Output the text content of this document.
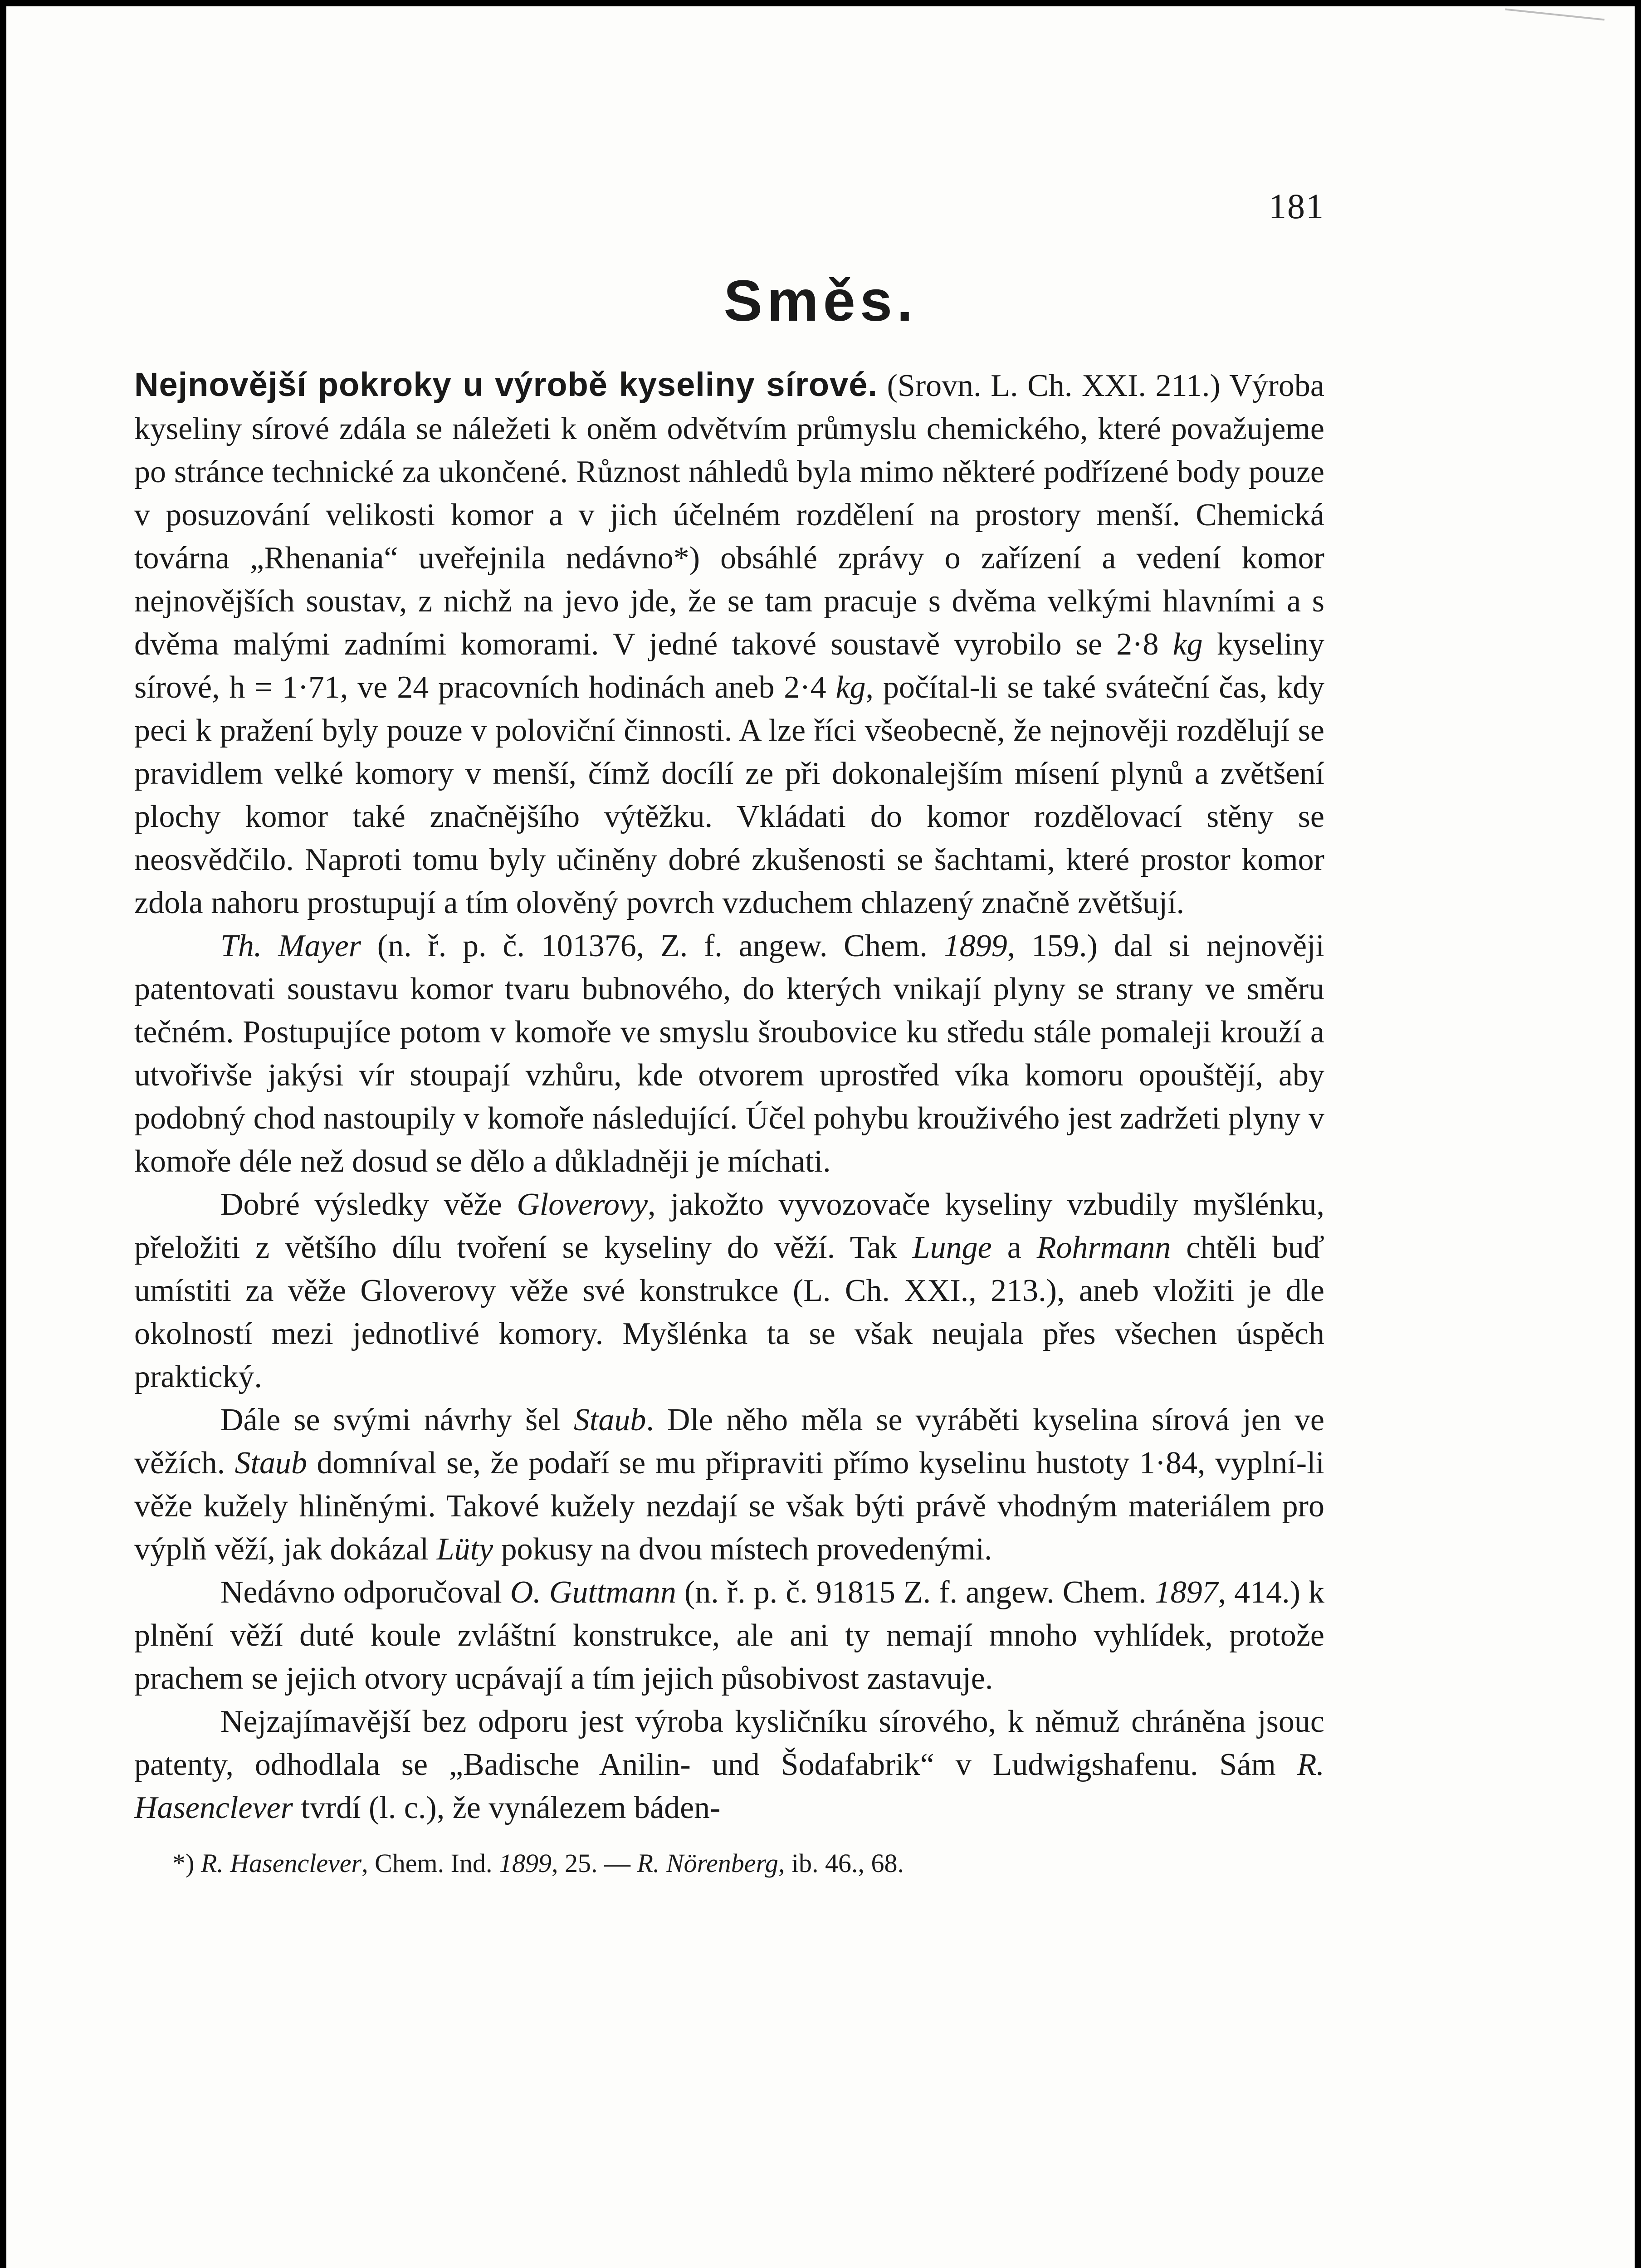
181
Směs.

Nejnovější pokroky u výrobě kyseliny sírové. (Srovn. L. Ch. XXI. 211.) Výroba kyseliny sírové zdála se náležeti k oněm odvětvím průmyslu chemického, které považujeme po stránce technické za ukončené. Různost náhledů byla mimo některé podřízené body pouze v posuzování velikosti komor a v jich účelném rozdělení na prostory menší. Chemická továrna „Rhenania“ uveřejnila nedávno*) obsáhlé zprávy o zařízení a vedení komor nejnovějších soustav, z nichž na jevo jde, že se tam pracuje s dvěma velkými hlavními a s dvěma malými zadními komorami. V jedné takové soustavě vyrobilo se 2·8 kg kyseliny sírové, h = 1·71, ve 24 pracovních hodinách aneb 2·4 kg, počítal-li se také sváteční čas, kdy peci k pražení byly pouze v poloviční činnosti. A lze říci všeobecně, že nejnověji rozdělují se pravidlem velké komory v menší, čímž docílí ze při dokonalejším mísení plynů a zvětšení plochy komor také značnějšího výtěžku. Vkládati do komor rozdělovací stěny se neosvědčilo. Naproti tomu byly učiněny dobré zkušenosti se šachtami, které prostor komor zdola nahoru prostupují a tím olověný povrch vzduchem chlazený značně zvětšují.

Th. Mayer (n. ř. p. č. 101376, Z. f. angew. Chem. 1899, 159.) dal si nejnověji patentovati soustavu komor tvaru bubnového, do kterých vnikají plyny se strany ve směru tečném. Postupujíce potom v komoře ve smyslu šroubovice ku středu stále pomaleji krouží a utvořivše jakýsi vír stoupají vzhůru, kde otvorem uprostřed víka komoru opouštějí, aby podobný chod nastoupily v komoře následující. Účel pohybu krouživého jest zadržeti plyny v komoře déle než dosud se dělo a důkladněji je míchati.

Dobré výsledky věže Gloverovy, jakožto vyvozovače kyseliny vzbudily myšlénku, přeložiti z většího dílu tvoření se kyseliny do věží. Tak Lunge a Rohrmann chtěli buď umístiti za věže Gloverovy věže své konstrukce (L. Ch. XXI., 213.), aneb vložiti je dle okolností mezi jednotlivé komory. Myšlénka ta se však neujala přes všechen úspěch praktický.

Dále se svými návrhy šel Staub. Dle něho měla se vyráběti kyselina sírová jen ve věžích. Staub domníval se, že podaří se mu připraviti přímo kyselinu hustoty 1·84, vyplní-li věže kužely hliněnými. Takové kužely nezdají se však býti právě vhodným materiálem pro výplň věží, jak dokázal Lüty pokusy na dvou místech provedenými.

Nedávno odporučoval O. Guttmann (n. ř. p. č. 91815 Z. f. angew. Chem. 1897, 414.) k plnění věží duté koule zvláštní konstrukce, ale ani ty nemají mnoho vyhlídek, protože prachem se jejich otvory ucpávají a tím jejich působivost zastavuje.

Nejzajímavější bez odporu jest výroba kysličníku sírového, k němuž chráněna jsouc patenty, odhodlala se „Badische Anilin- und Šodafabrik“ v Ludwigshafenu. Sám R. Hasenclever tvrdí (l. c.), že vynálezem báden-

*) R. Hasenclever, Chem. Ind. 1899, 25. — R. Nörenberg, ib. 46., 68.
